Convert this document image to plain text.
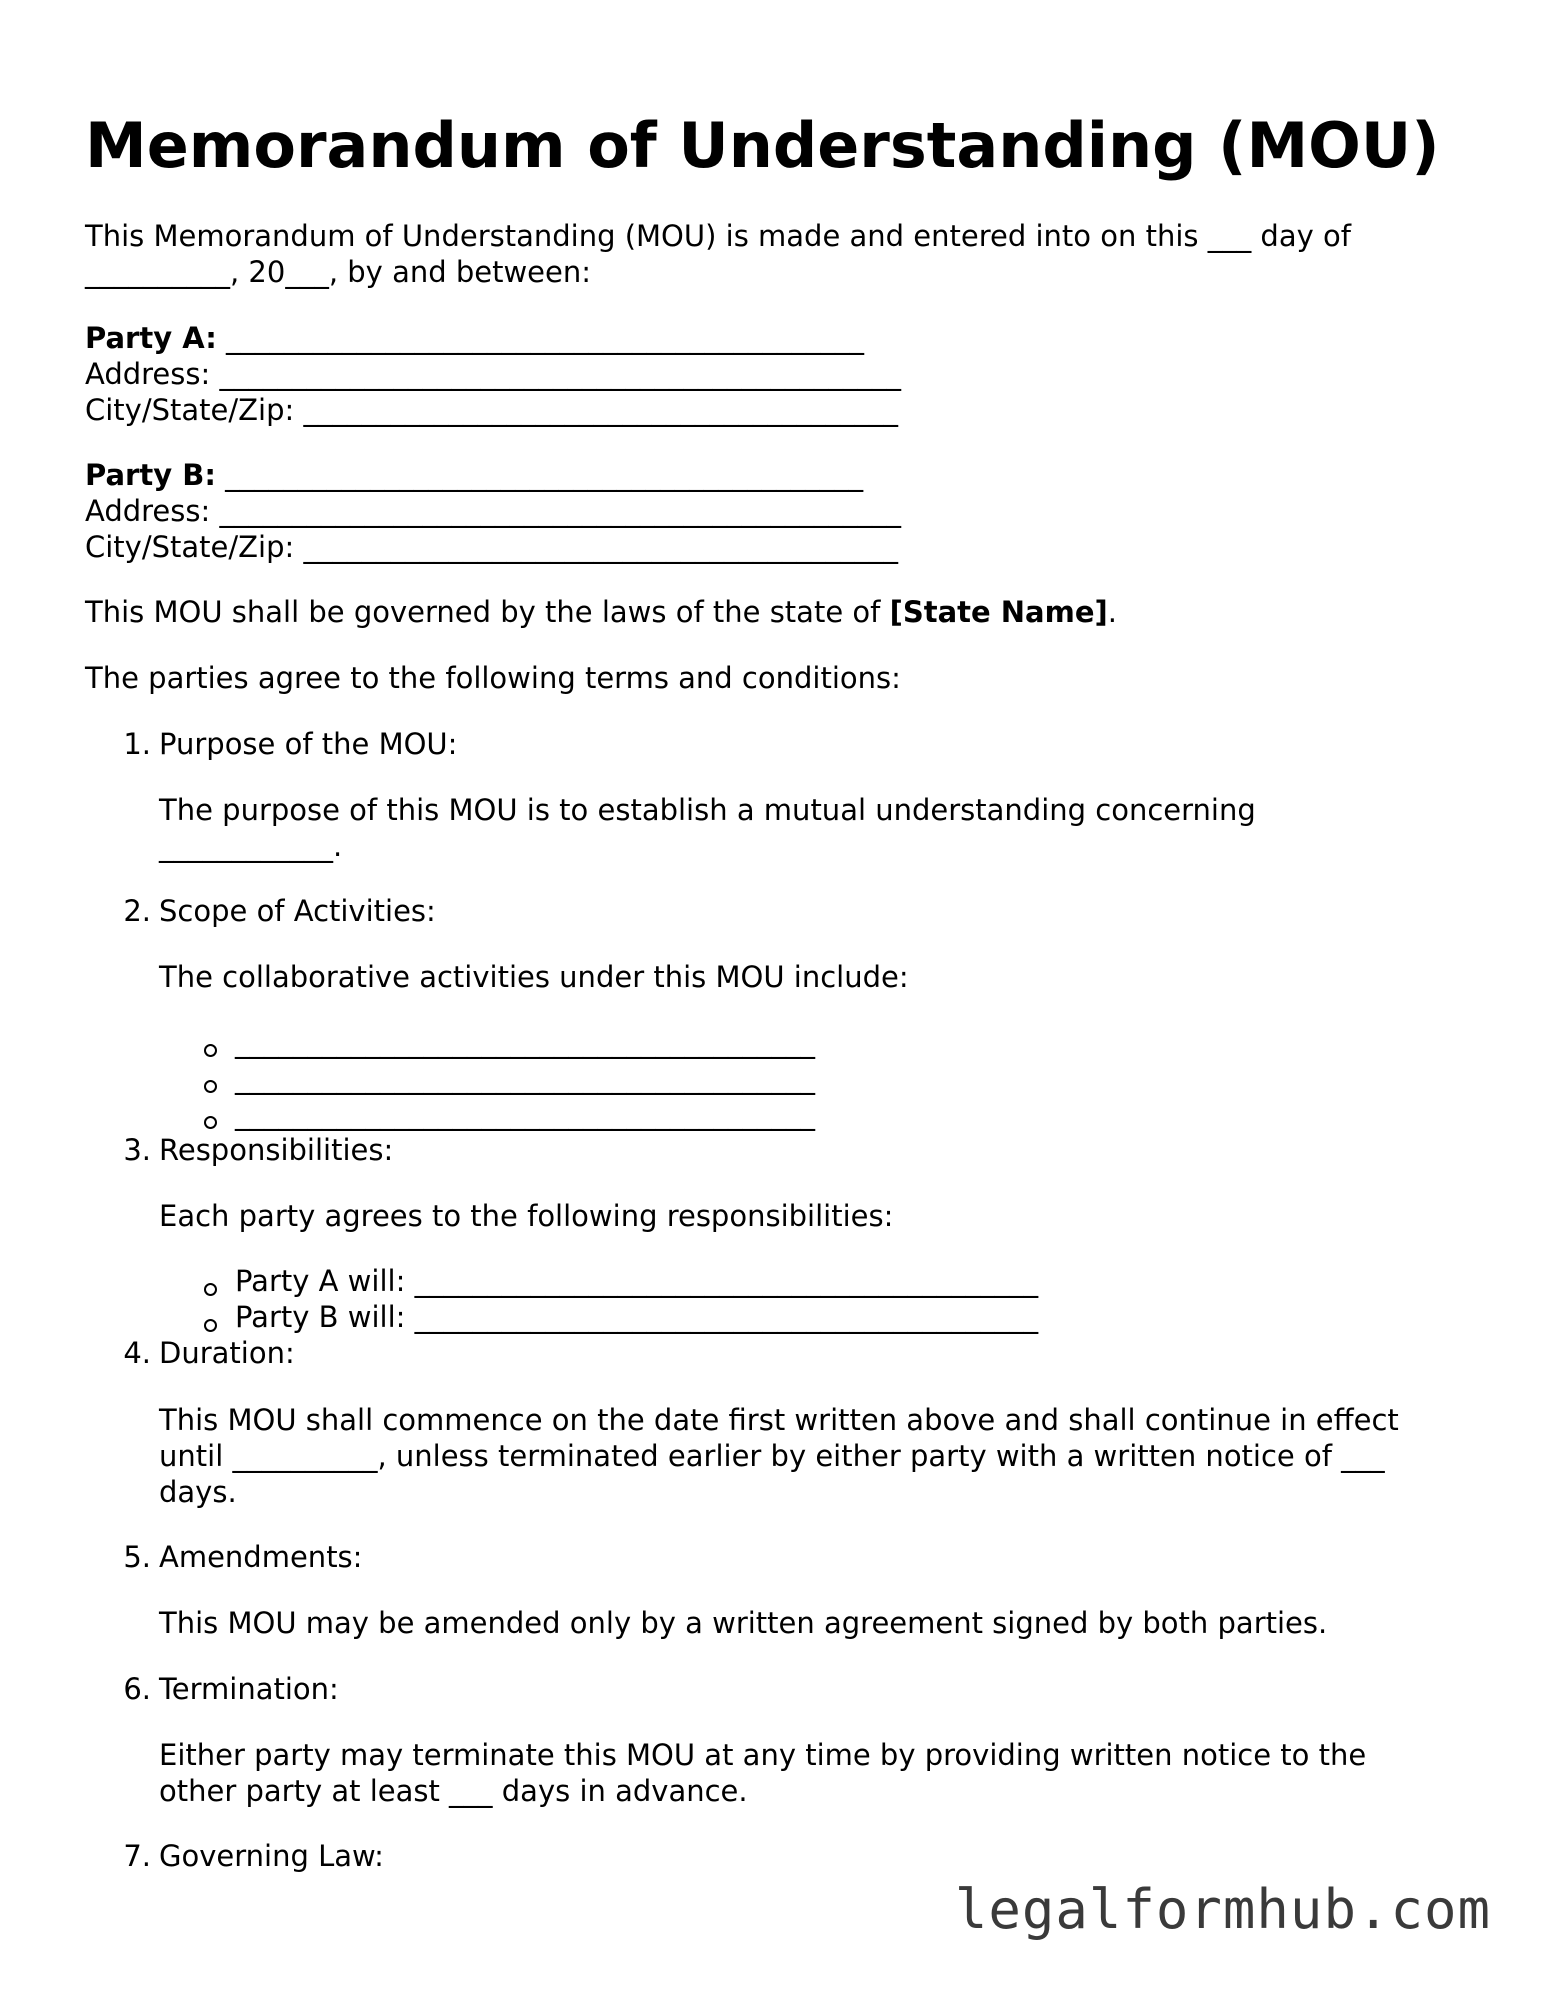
Memorandum of Understanding (MOU)
This Memorandum of Understanding (MOU) is made and entered into on this ___ day of
__________, 20___, by and between:
Party A: ____________________________________________
Address: _______________________________________________
City/State/Zip: _________________________________________
Party B: ____________________________________________
Address: _______________________________________________
City/State/Zip: _________________________________________
This MOU shall be governed by the laws of the state of [State Name].
The parties agree to the following terms and conditions:
1. Purpose of the MOU:
The purpose of this MOU is to establish a mutual understanding concerning
____________.
2. Scope of Activities:
The collaborative activities under this MOU include:
________________________________________
________________________________________
________________________________________
3. Responsibilities:
Each party agrees to the following responsibilities:
Party A will: ___________________________________________
Party B will: ___________________________________________
4. Duration:
This MOU shall commence on the date first written above and shall continue in effect
until __________, unless terminated earlier by either party with a written notice of ___
days.
5. Amendments:
This MOU may be amended only by a written agreement signed by both parties.
6. Termination:
Either party may terminate this MOU at any time by providing written notice to the
other party at least ___ days in advance.
7. Governing Law:
legalformhub.com
